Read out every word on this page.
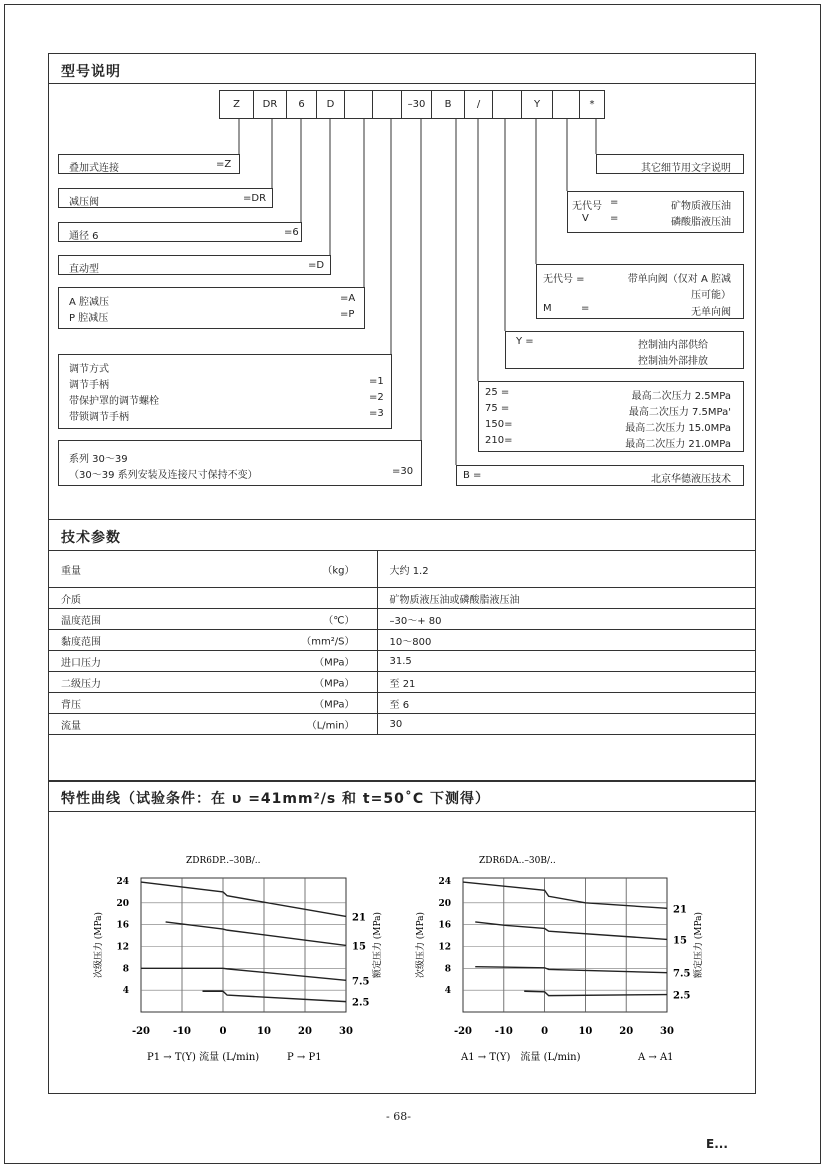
型号说明
Z	DR	6	D	–30	B	/	Y	*
叠加式连接	=Z
减压阀	=DR
通径 6	=6
直动型	=D
A 腔减压	=A
P 腔减压	=P
调节方式
调节手柄	=1
带保护罩的调节螺栓	=2
带锁调节手柄	=3
系列 30～39
（30～39 系列安装及连接尺寸保持不变）	=30
其它细节用文字说明
无代号 =	矿物质液压油
V =	磷酸脂液压油
无代号 =	带单向阀（仅对 A 腔减
压可能）
M	=	无单向阀
Y =	控制油内部供给
控制油外部排放
25 =	最高二次压力 2.5MPa
75 =	最高二次压力 7.5MPa'
150=	最高二次压力 15.0MPa
210=	最高二次压力 21.0MPa
B =	北京华德液压技术
技术参数
重量 （kg）	大约 1.2
介质	矿物质液压油或磷酸脂液压油
温度范围 （℃）	–30～+ 80
黏度范围 （mm²/S）	10～800
进口压力 （MPa）	31.5
二级压力 （MPa）	至 21
背压 （MPa）	至 6
流量 （L/min）	30

特性曲线（试验条件：在 υ =41mm²/s 和 t=50˚C 下测得）
-20 -10	0	10	20	30
24
20
16
12
8
4
21
15
7.5
2.5
ZDR6DP..–30B/..
次级压力 (MPa)	额定压力 (MPa)
P1 → T(Y) 流量 (L/min)	P → P1
-20 -10	0	10	20	30
24
20
16
12
8
4
21
15
7.5
2.5
ZDR6DA..–30B/..
次级压力 (MPa)	额定压力 (MPa)
A1 → T(Y)　流量 (L/min)	A → A1
- 68-
E...
